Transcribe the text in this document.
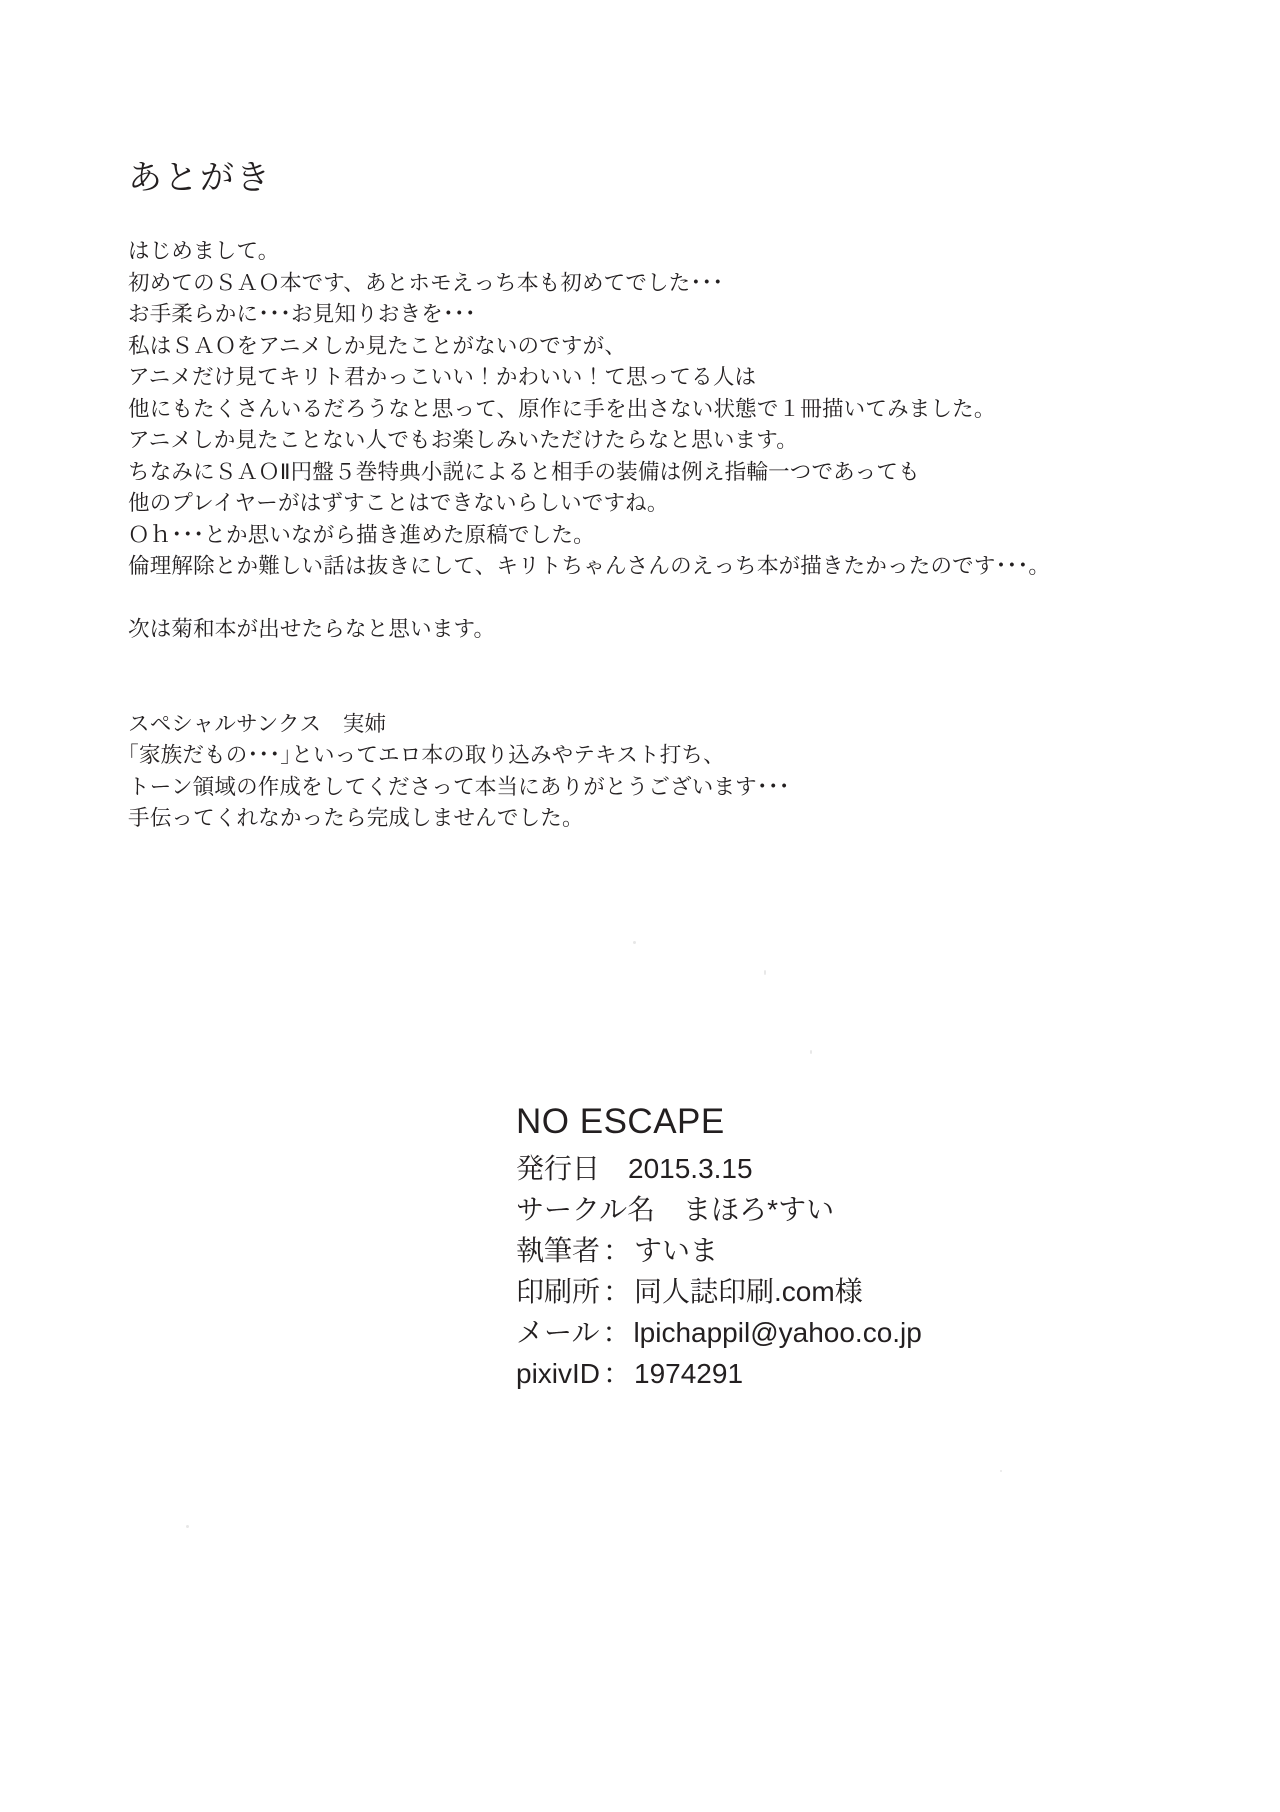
あとがき

はじめまして。

初めてのＳＡＯ本です、あとホモえっち本も初めてでした･･･

お手柔らかに･･･お見知りおきを･･･

私はＳＡＯをアニメしか見たことがないのですが、

アニメだけ見てキリト君かっこいい！かわいい！て思ってる人は

他にもたくさんいるだろうなと思って、原作に手を出さない状態で１冊描いてみました。

アニメしか見たことない人でもお楽しみいただけたらなと思います。

ちなみにＳＡＯⅡ円盤５巻特典小説によると相手の装備は例え指輪一つであっても

他のプレイヤーがはずすことはできないらしいですね。

Ｏｈ･･･とか思いながら描き進めた原稿でした。

倫理解除とか難しい話は抜きにして、キリトちゃんさんのえっち本が描きたかったのです･･･。

次は菊和本が出せたらなと思います。

スペシャルサンクス　実姉

｢家族だもの･･･｣といってエロ本の取り込みやテキスト打ち、

トーン領域の作成をしてくださって本当にありがとうございます･･･

手伝ってくれなかったら完成しませんでした。

NO ESCAPE
発行日 2015.3.15
サークル名 まほろ*すい
執筆者 ： すいま
印刷所 ： 同人誌印刷.com様
メール ： lpichappil@yahoo.co.jp
pixivID ： 1974291
